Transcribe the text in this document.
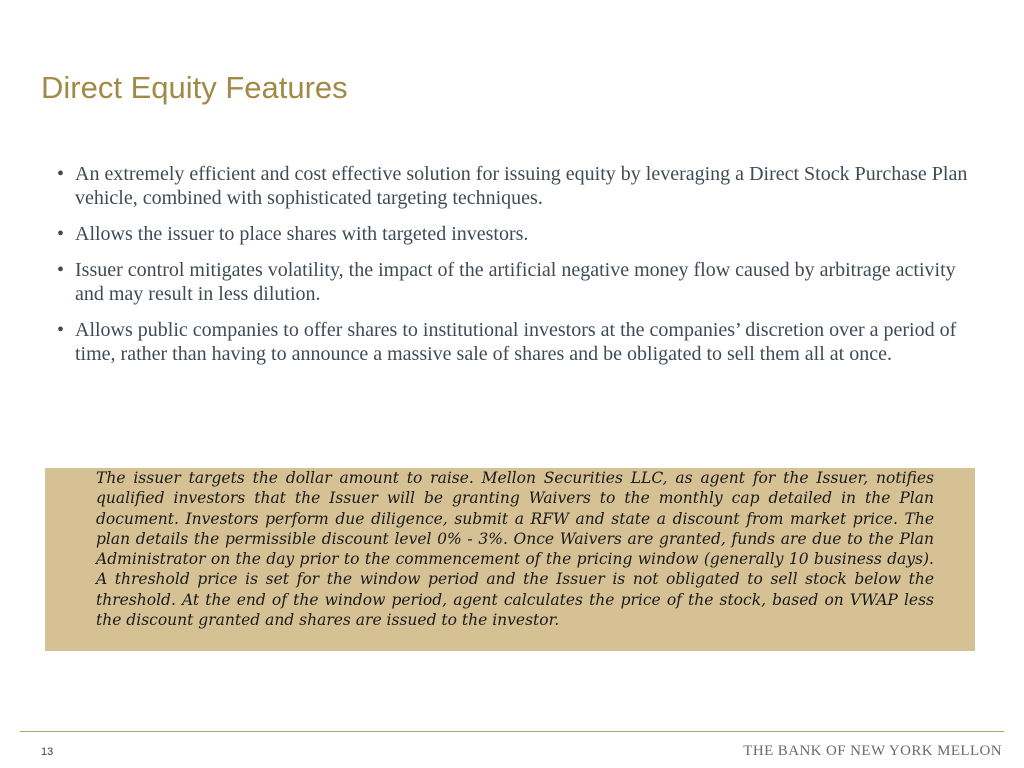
Direct Equity Features
• An extremely efficient and cost effective solution for issuing equity by leveraging a Direct Stock Purchase Plan vehicle, combined with sophisticated targeting techniques.
• Allows the issuer to place shares with targeted investors.
• Issuer control mitigates volatility, the impact of the artificial negative money flow caused by arbitrage activity and may result in less dilution.
• Allows public companies to offer shares to institutional investors at the companies’ discretion over a period of time, rather than having to announce a massive sale of shares and be obligated to sell them all at once.

The issuer targets the dollar amount to raise. Mellon Securities LLC, as agent for the Issuer, notifies qualified investors that the Issuer will be granting Waivers to the monthly cap detailed in the Plan document. Investors perform due diligence, submit a RFW and state a discount from market price. The plan details the permissible discount level 0% - 3%. Once Waivers are granted, funds are due to the Plan Administrator on the day prior to the commencement of the pricing window (generally 10 business days). A threshold price is set for the window period and the Issuer is not obligated to sell stock below the threshold. At the end of the window period, agent calculates the price of the stock, based on VWAP less the discount granted and shares are issued to the investor.

13	THE BANK OF NEW YORK MELLON
